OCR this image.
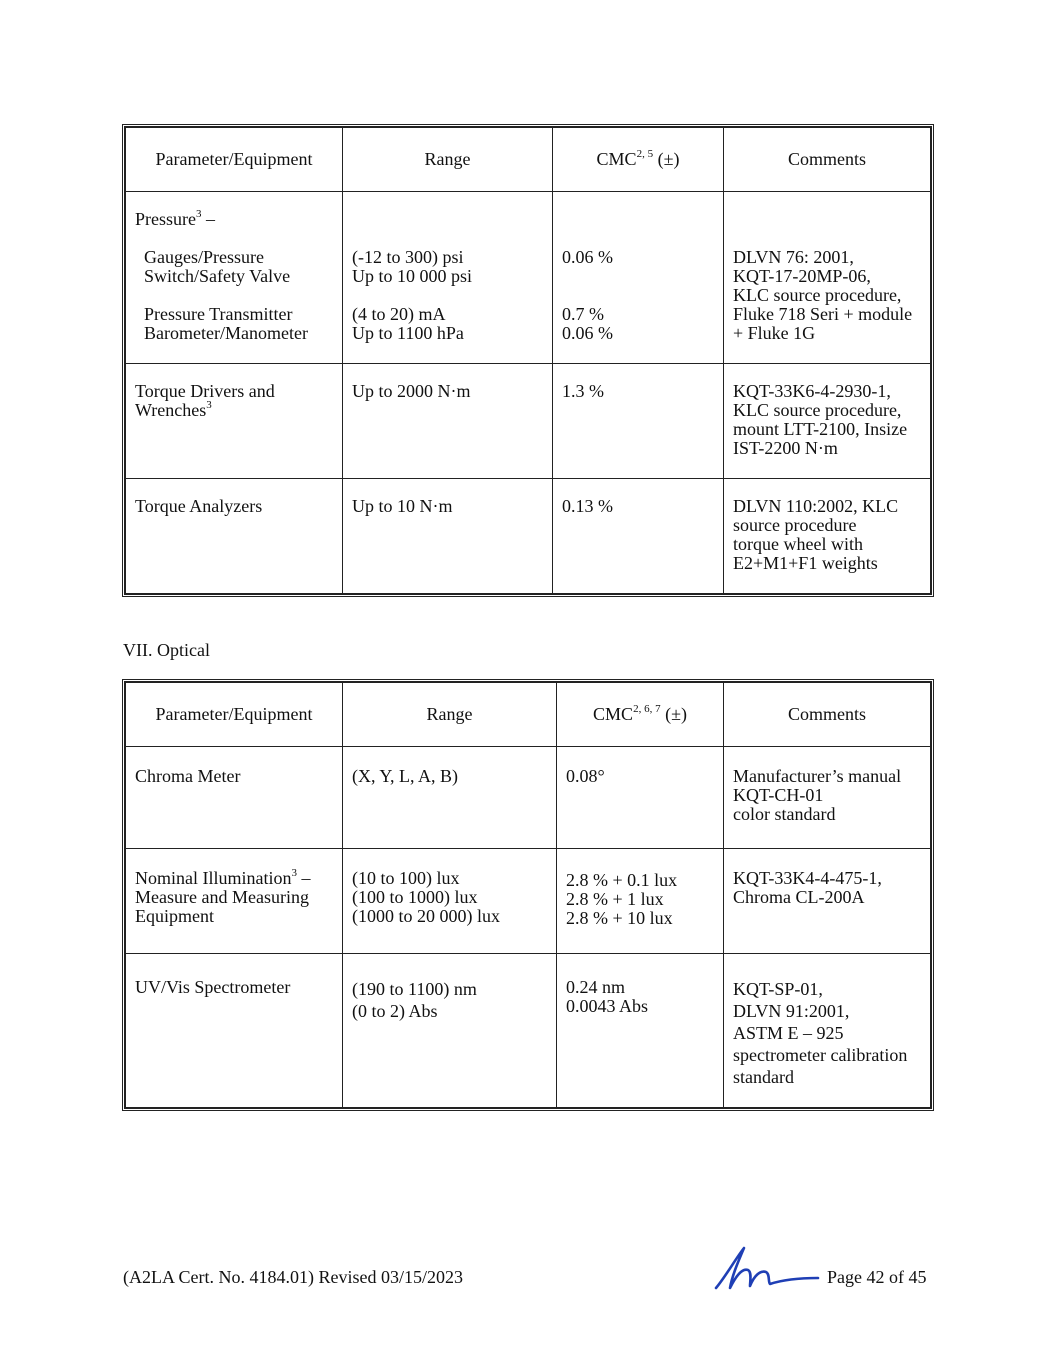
Parameter/Equipment	Range	CMC$^{2, 5}$ (±)	Comments

Pressure$^3$ –
Gauges/Pressure
Switch/Safety Valve
Pressure Transmitter
Barometer/Manometer	(-12 to 300) psi
Up to 10 000 psi
(4 to 20) mA
Up to 1100 hPa	0.06 %
0.7 %
0.06 %	DLVN 76: 2001,
KQT-17-20MP-06,
KLC source procedure,
Fluke 718 Seri + module
+ Fluke 1G

Torque Drivers and
Wrenches$^3$	Up to 2000 N·m	1.3 %	KQT-33K6-4-2930-1,
KLC source procedure,
mount LTT-2100, Insize
IST-2200 N·m

Torque Analyzers	Up to 10 N·m	0.13 %	DLVN 110:2002, KLC
source procedure
torque wheel with
E2+M1+F1 weights
VII. Optical
Parameter/Equipment	Range	CMC$^{2, 6, 7}$ (±)	Comments
Chroma Meter	(X, Y, L, A, B)	0.08°	Manufacturer’s manual
KQT-CH-01
color standard

Nominal Illumination$^3$ –
Measure and Measuring
Equipment	(10 to 100) lux
(100 to 1000) lux
(1000 to 20 000) lux	2.8 % + 0.1 lux
2.8 % + 1 lux
2.8 % + 10 lux	KQT-33K4-4-475-1,
Chroma CL-200A

UV/Vis Spectrometer	(190 to 1100) nm
(0 to 2) Abs	0.24 nm
0.0043 Abs	KQT-SP-01,
DLVN 91:2001,
ASTM E – 925
spectrometer calibration
standard
(A2LA Cert. No. 4184.01) Revised 03/15/2023	Page 42 of 45
